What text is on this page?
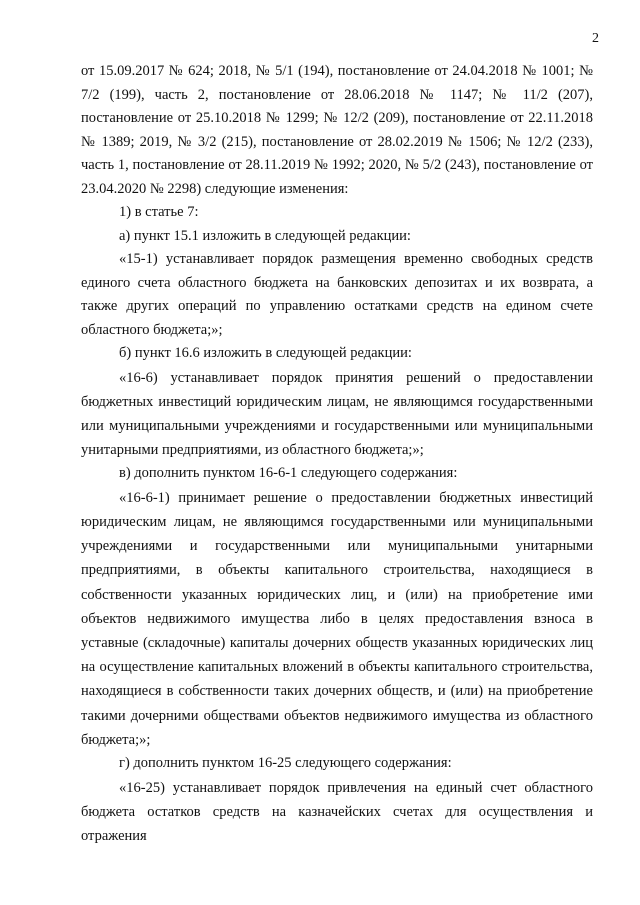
2

от 15.09.2017 № 624; 2018, № 5/1 (194), постановление от 24.04.2018 № 1001; № 7/2 (199), часть 2, постановление от 28.06.2018 № 1147; № 11/2 (207), постановление от 25.10.2018 № 1299; № 12/2 (209), постановление от 22.11.2018 № 1389; 2019, № 3/2 (215), постановление от 28.02.2019 № 1506; № 12/2 (233), часть 1, постановление от 28.11.2019 № 1992; 2020, № 5/2 (243), постановление от 23.04.2020 № 2298) следующие изменения:

1) в статье 7:

а) пункт 15.1 изложить в следующей редакции:

«15-1) устанавливает порядок размещения временно свободных средств единого счета областного бюджета на банковских депозитах и их возврата, а также других операций по управлению остатками средств на едином счете областного бюджета;»;

б) пункт 16.6 изложить в следующей редакции:

«16-6) устанавливает порядок принятия решений о предоставлении бюджетных инвестиций юридическим лицам, не являющимся государственными или муниципальными учреждениями и государственными или муниципальными унитарными предприятиями, из областного бюджета;»;

в) дополнить пунктом 16-6-1 следующего содержания:

«16-6-1) принимает решение о предоставлении бюджетных инвестиций юридическим лицам, не являющимся государственными или муниципальными учреждениями и государственными или муниципальными унитарными предприятиями, в объекты капитального строительства, находящиеся в собственности указанных юридических лиц, и (или) на приобретение ими объектов недвижимого имущества либо в целях предоставления взноса в уставные (складочные) капиталы дочерних обществ указанных юридических лиц на осуществление капитальных вложений в объекты капитального строительства, находящиеся в собственности таких дочерних обществ, и (или) на приобретение такими дочерними обществами объектов недвижимого имущества из областного бюджета;»;

г) дополнить пунктом 16-25 следующего содержания:

«16-25) устанавливает порядок привлечения на единый счет областного бюджета остатков средств на казначейских счетах для осуществления и отражения
